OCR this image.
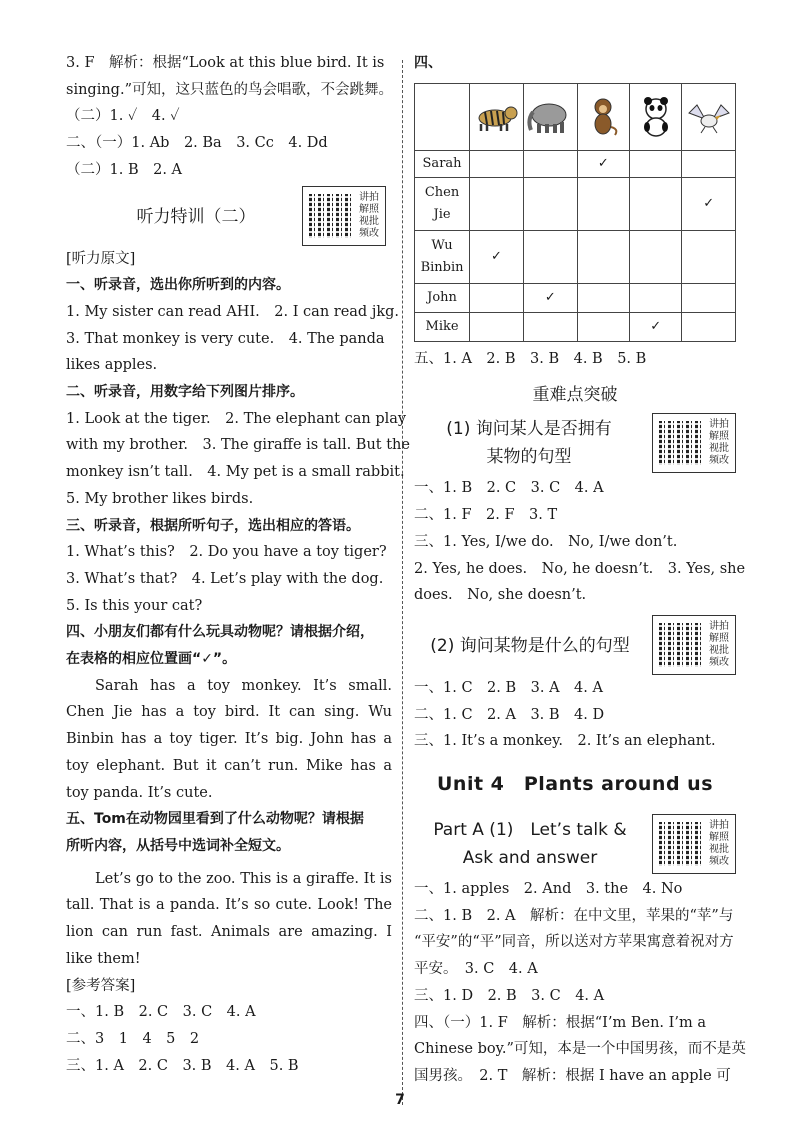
3. F　解析：根据“Look at this blue bird. It is

singing.”可知，这只蓝色的鸟会唱歌，不会跳舞。

（二）1. ✓　4. ✓

二、（一）1. Ab　2. Ba　3. Cc　4. Dd

（二）1. B　2. A

听力特训（二）
讲拍解照视批频改

[听力原文]

一、听录音，选出你所听到的内容。

1. My sister can read AHI.　2. I can read jkg.

3. That monkey is very cute.　4. The panda

likes apples.

二、听录音，用数字给下列图片排序。

1. Look at the tiger.　2. The elephant can play

with my brother.　3. The giraffe is tall. But the

monkey isn’t tall.　4. My pet is a small rabbit.

5. My brother likes birds.

三、听录音，根据所听句子，选出相应的答语。

1. What’s this?　2. Do you have a toy tiger?

3. What’s that?　4. Let’s play with the dog.

5. Is this your cat?

四、小朋友们都有什么玩具动物呢？请根据介绍，

在表格的相应位置画“✓”。

Sarah has a toy monkey. It’s small. Chen Jie has a toy bird. It can sing. Wu Binbin has a toy tiger. It’s big. John has a toy elephant. But it can’t run. Mike has a toy panda. It’s cute.

五、Tom在动物园里看到了什么动物呢？请根据

所听内容，从括号中选词补全短文。

Let’s go to the zoo. This is a giraffe. It is tall. That is a panda. It’s so cute. Look! The lion can run fast. Animals are amazing. I like them!

[参考答案]

一、1. B　2. C　3. C　4. A

二、3　1　4　5　2

三、1. A　2. C　3. B　4. A　5. B

四、

Sarah			✓		
Chen Jie					✓
Wu Binbin	✓				
John		✓			
Mike				✓	

五、1. A　2. B　3. B　4. B　5. B

重难点突破
(1) 询问某人是否拥有
某物的句型
讲拍解照视批频改

一、1. B　2. C　3. C　4. A

二、1. F　2. F　3. T

三、1. Yes, I/we do.　No, I/we don’t.

2. Yes, he does.　No, he doesn’t.　3. Yes, she

does.　No, she doesn’t.

(2) 询问某物是什么的句型
讲拍解照视批频改

一、1. C　2. B　3. A　4. A

二、1. C　2. A　3. B　4. D

三、1. It’s a monkey.　2. It’s an elephant.

Unit 4　Plants around us
Part A (1)　Let’s talk &
Ask and answer
讲拍解照视批频改

一、1. apples　2. And　3. the　4. No

二、1. B　2. A　解析：在中文里，苹果的“苹”与

“平安”的“平”同音，所以送对方苹果寓意着祝对方

平安。　3. C　4. A

三、1. D　2. B　3. C　4. A

四、（一）1. F　解析：根据“I’m Ben. I’m a

Chinese boy.”可知，本是一个中国男孩，而不是英

国男孩。　2. T　解析：根据 I have an apple 可

7
